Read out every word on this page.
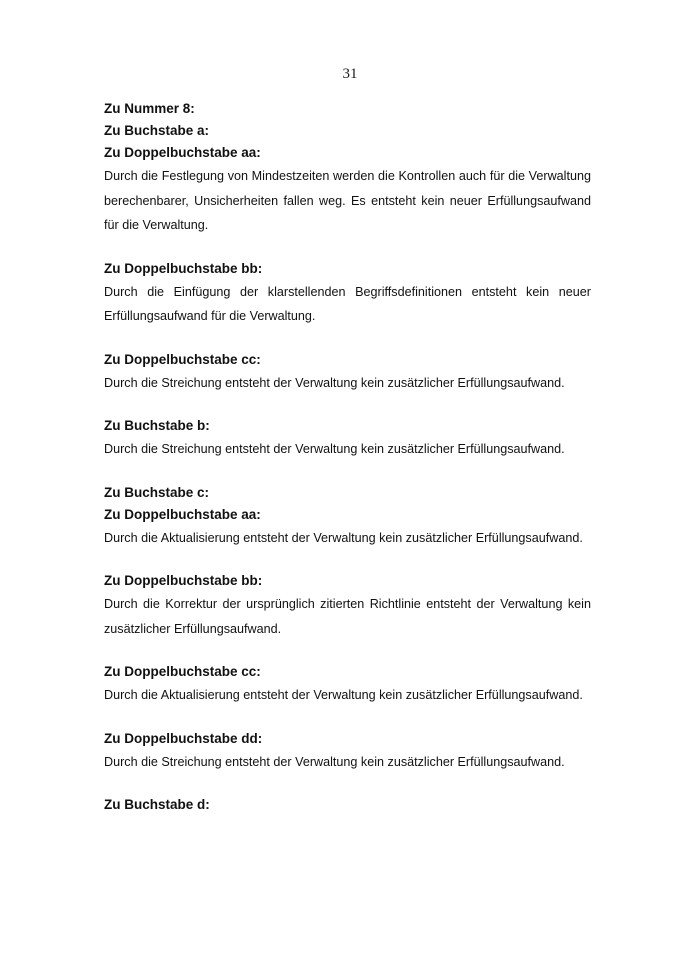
31

Zu Nummer 8:

Zu Buchstabe a:

Zu Doppelbuchstabe aa:

Durch die Festlegung von Mindestzeiten werden die Kontrollen auch für die Verwaltung berechenbarer, Unsicherheiten fallen weg. Es entsteht kein neuer Erfüllungsaufwand für die Verwaltung.

Zu Doppelbuchstabe bb:

Durch die Einfügung der klarstellenden Begriffsdefinitionen entsteht kein neuer Erfüllungsaufwand für die Verwaltung.

Zu Doppelbuchstabe cc:

Durch die Streichung entsteht der Verwaltung kein zusätzlicher Erfüllungsaufwand.

Zu Buchstabe b:

Durch die Streichung entsteht der Verwaltung kein zusätzlicher Erfüllungsaufwand.

Zu Buchstabe c:

Zu Doppelbuchstabe aa:

Durch die Aktualisierung entsteht der Verwaltung kein zusätzlicher Erfüllungsaufwand.

Zu Doppelbuchstabe bb:

Durch die Korrektur der ursprünglich zitierten Richtlinie entsteht der Verwaltung kein zusätzlicher Erfüllungsaufwand.

Zu Doppelbuchstabe cc:

Durch die Aktualisierung entsteht der Verwaltung kein zusätzlicher Erfüllungsaufwand.

Zu Doppelbuchstabe dd:

Durch die Streichung entsteht der Verwaltung kein zusätzlicher Erfüllungsaufwand.

Zu Buchstabe d:
